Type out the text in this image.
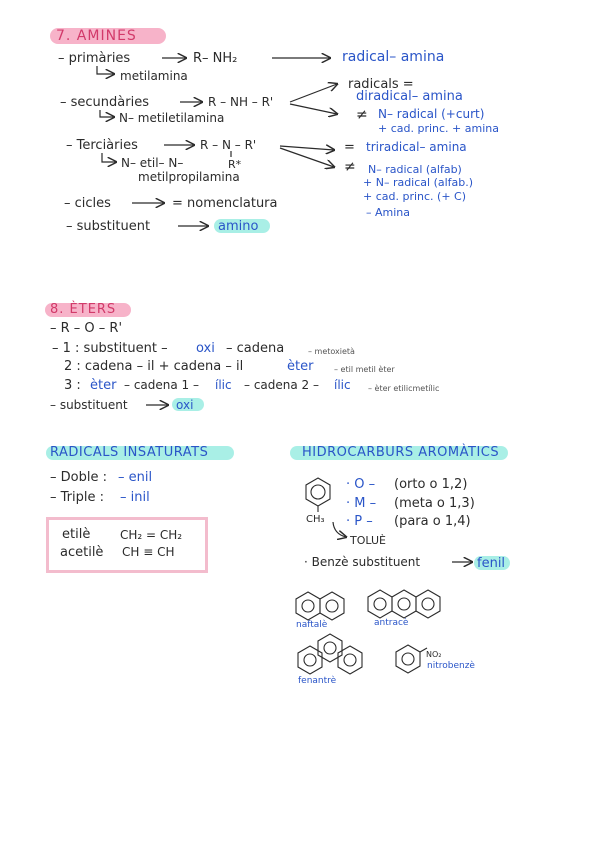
7. AMINES
– primàries	R– NH₂	radical– amina
metilamina
– secundàries	R – NH – R'
N– metiletilamina
radicals =
diradical– amina
≠ N– radical (+curt)
+ cad. princ. + amina
– Terciàries	R – N – R'
R*
N– etil– N–
metilpropilamina
= triradical– amina
≠ N– radical (alfab)
+ N– radical (alfab.)
+ cad. princ. (+ C)
– Amina
– cicles	= nomenclatura
– substituent	amino
8. ÈTERS
– R – O – R'
– 1 : substituent – oxi – cadena	– metoxietà
2 : cadena – il + cadena – il	èter	– etil metil èter
3 : èter – cadena 1 – ílic – cadena 2 – ílic – èter etilicmetílic
– substituent	oxi
RADICALS INSATURATS
– Doble : – enil
– Triple : – inil
etilè CH₂ = CH₂
acetilè CH ≡ CH
HIDROCARBURS AROMÀTICS
· O – (orto o 1,2)
· M – (meta o 1,3)
· P – (para o 1,4)
CH₃
TOLUÈ
· Benzè substituent	fenil
naftalè	antracè
fenantrè
NO₂
nitrobenzè
